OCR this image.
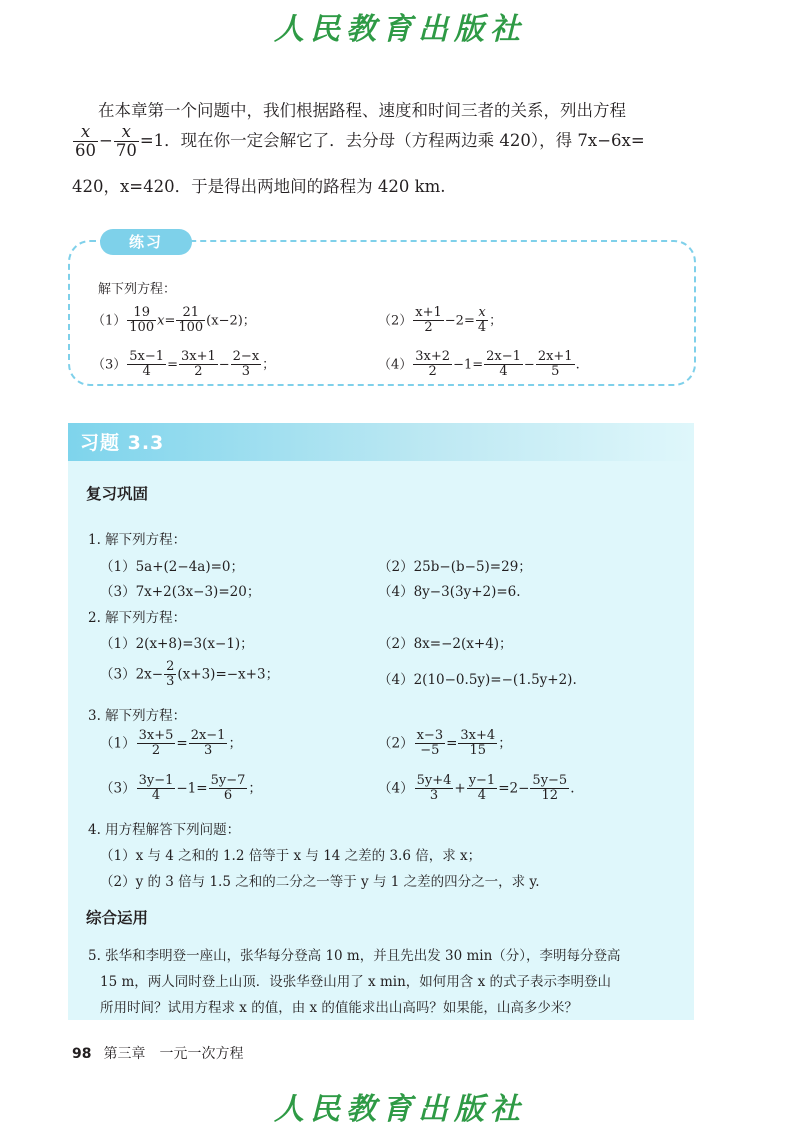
人民教育出版社
人民教育出版社
在本章第一个问题中，我们根据路程、速度和时间三者的关系，列出方程
$\frac{x}{60} - \frac{x}{70} =1$．现在你一定会解它了．去分母（方程两边乘 420），得 7x−6x=
420，x=420．于是得出两地间的路程为 420 km.
练习
解下列方程：
$(1) \frac{19}{100} x= \frac{21}{100} (x-2)$；	$(2) \frac{x+1}{2} -2= \frac{x}{4}$ ；
$(3) \frac{5x-1}{4} = \frac{3x+1}{2} - \frac{2-x}{3}$ ；	$(4) \frac{3x+2}{2} -1= \frac{2x-1}{4} - \frac{2x+1}{5}$ .
习题 3.3
复习巩固
1. 解下列方程：
（1）5a+(2−4a)=0；	（2）25b−(b−5)=29；
（3）7x+2(3x−3)=20；	（4）8y−3(3y+2)=6.
2. 解下列方程：
（1）2(x+8)=3(x−1)；	（2）8x=−2(x+4)；
$(3)2x- \frac{2}{3} (x+3)=-x+3$；	（4）2(10−0.5y)=−(1.5y+2).
3. 解下列方程：
$(1) \frac{3x+5}{2} = \frac{2x-1}{3}$ ；	$(2) \frac{x-3}{-5} = \frac{3x+4}{15}$ ；
$(3) \frac{3y-1}{4} -1= \frac{5y-7}{6}$ ；	$(4) \frac{5y+4}{3} + \frac{y-1}{4} =2- \frac{5y-5}{12}$ .
4. 用方程解答下列问题：
（1）x 与 4 之和的 1.2 倍等于 x 与 14 之差的 3.6 倍，求 x；
（2）y 的 3 倍与 1.5 之和的二分之一等于 y 与 1 之差的四分之一，求 y.
综合运用
5. 张华和李明登一座山，张华每分登高 10 m，并且先出发 30 min（分），李明每分登高
15 m，两人同时登上山顶．设张华登山用了 x min，如何用含 x 的式子表示李明登山
所用时间？试用方程求 x 的值，由 x 的值能求出山高吗？如果能，山高多少米？
98 第三章　一元一次方程
